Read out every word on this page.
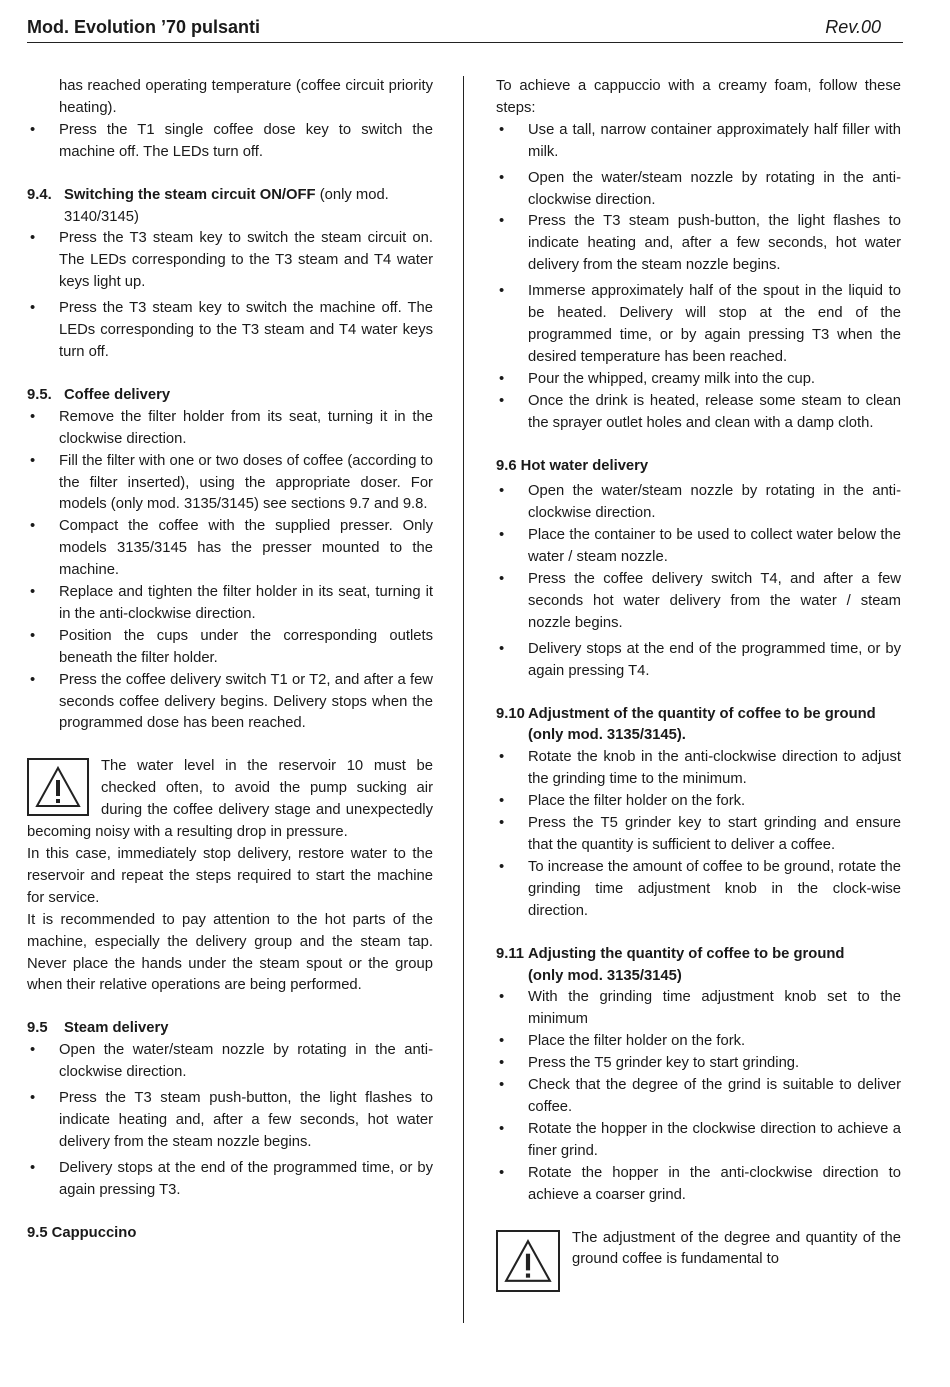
Mod. Evolution ’70 pulsanti	Rev.00

has reached operating temperature (coffee circuit priority heating).

• Press the T1 single coffee dose key to switch the machine off. The LEDs turn off.

9.4. Switching the steam circuit ON/OFF (only mod.

3140/3145)

• Press the T3 steam key to switch the steam circuit on. The LEDs corresponding to the T3 steam and T4 water keys light up.
• Press the T3 steam key to switch the machine off. The LEDs corresponding to the T3 steam and T4 water keys turn off.

9.5. Coffee delivery

• Remove the filter holder from its seat, turning it in the clockwise direction.
• Fill the filter with one or two doses of coffee (according to the filter inserted), using the appropriate doser. For models (only mod. 3135/3145) see sections 9.7 and 9.8.
• Compact the coffee with the supplied presser. Only models 3135/3145 has the presser mounted to the machine.
• Replace and tighten the filter holder in its seat, turning it in the anti-clockwise direction.
• Position the cups under the corresponding outlets beneath the filter holder.
• Press the coffee delivery switch T1 or T2, and after a few seconds coffee delivery begins. Delivery stops when the programmed dose has been reached.

The water level in the reservoir 10 must be checked often, to avoid the pump sucking air during the coffee delivery stage and unexpectedly becoming noisy with a resulting drop in pressure.

In this case, immediately stop delivery, restore water to the reservoir and repeat the steps required to start the machine for service.

It is recommended to pay attention to the hot parts of the machine, especially the delivery group and the steam tap. Never place the hands under the steam spout or the group when their relative operations are being performed.

9.5 Steam delivery

• Open the water/steam nozzle by rotating in the anti-clockwise direction.
• Press the T3 steam push-button, the light flashes to indicate heating and, after a few seconds, hot water delivery from the steam nozzle begins.
• Delivery stops at the end of the programmed time, or by again pressing T3.

9.5 Cappuccino

To achieve a cappuccio with a creamy foam, follow these steps:

• Use a tall, narrow container approximately half filler with milk.
• Open the water/steam nozzle by rotating in the anti-clockwise direction.
• Press the T3 steam push-button, the light flashes to indicate heating and, after a few seconds, hot water delivery from the steam nozzle begins.
• Immerse approximately half of the spout in the liquid to be heated. Delivery will stop at the end of the programmed time, or by again pressing T3 when the desired temperature has been reached.
• Pour the whipped, creamy milk into the cup.
• Once the drink is heated, release some steam to clean the sprayer outlet holes and clean with a damp cloth.

9.6 Hot water delivery

• Open the water/steam nozzle by rotating in the anti-clockwise direction.
• Place the container to be used to collect water below the water / steam nozzle.
• Press the coffee delivery switch T4, and after a few seconds hot water delivery from the water / steam nozzle begins.
• Delivery stops at the end of the programmed time, or by again pressing T4.
9.10 Adjustment of the quantity of coffee to be ground
(only mod. 3135/3145).
• Rotate the knob in the anti-clockwise direction to adjust the grinding time to the minimum.
• Place the filter holder on the fork.
• Press the T5 grinder key to start grinding and ensure that the quantity is sufficient to deliver a coffee.
• To increase the amount of coffee to be ground, rotate the grinding time adjustment knob in the clock-wise direction.
9.11 Adjusting the quantity of coffee to be ground
(only mod. 3135/3145)
• With the grinding time adjustment knob set to the minimum
• Place the filter holder on the fork.
• Press the T5 grinder key to start grinding.
• Check that the degree of the grind is suitable to deliver coffee.
• Rotate the hopper in the clockwise direction to achieve a finer grind.
• Rotate the hopper in the anti-clockwise direction to achieve a coarser grind.

The adjustment of the degree and quantity of the ground coffee is fundamental to
